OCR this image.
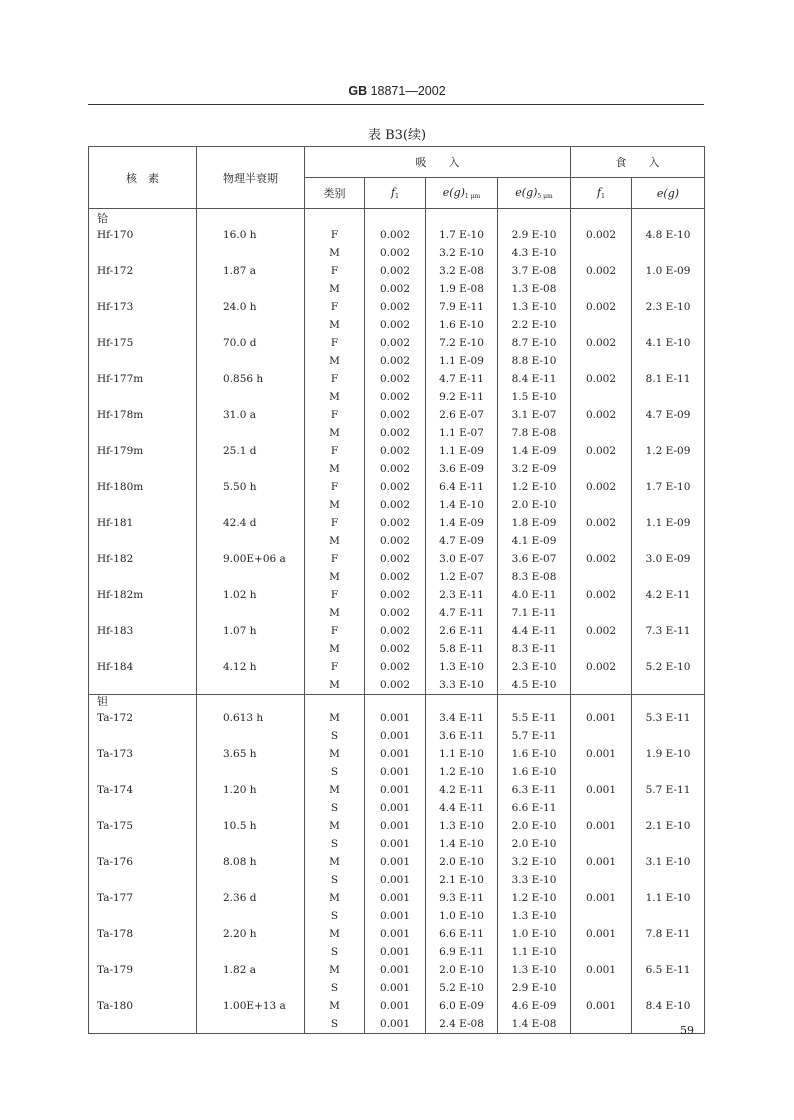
GB 18871—2002
表 B3(续)
核　素	物理半衰期	吸　　入				食　　入	
		类别	$f_1$	$e(g)_{1 \mu m}$	$e(g)_{5 \mu m}$	$f_1$	e(g)
铪							
Hf-170	16.0 h	F	0.002	1.7 E-10	2.9 E-10	0.002	4.8 E-10
		M	0.002	3.2 E-10	4.3 E-10		
Hf-172	1.87 a	F	0.002	3.2 E-08	3.7 E-08	0.002	1.0 E-09
		M	0.002	1.9 E-08	1.3 E-08		
Hf-173	24.0 h	F	0.002	7.9 E-11	1.3 E-10	0.002	2.3 E-10
		M	0.002	1.6 E-10	2.2 E-10		
Hf-175	70.0 d	F	0.002	7.2 E-10	8.7 E-10	0.002	4.1 E-10
		M	0.002	1.1 E-09	8.8 E-10		
Hf-177m	0.856 h	F	0.002	4.7 E-11	8.4 E-11	0.002	8.1 E-11
		M	0.002	9.2 E-11	1.5 E-10		
Hf-178m	31.0 a	F	0.002	2.6 E-07	3.1 E-07	0.002	4.7 E-09
		M	0.002	1.1 E-07	7.8 E-08		
Hf-179m	25.1 d	F	0.002	1.1 E-09	1.4 E-09	0.002	1.2 E-09
		M	0.002	3.6 E-09	3.2 E-09		
Hf-180m	5.50 h	F	0.002	6.4 E-11	1.2 E-10	0.002	1.7 E-10
		M	0.002	1.4 E-10	2.0 E-10		
Hf-181	42.4 d	F	0.002	1.4 E-09	1.8 E-09	0.002	1.1 E-09
		M	0.002	4.7 E-09	4.1 E-09		
Hf-182	9.00E+06 a	F	0.002	3.0 E-07	3.6 E-07	0.002	3.0 E-09
		M	0.002	1.2 E-07	8.3 E-08		
Hf-182m	1.02 h	F	0.002	2.3 E-11	4.0 E-11	0.002	4.2 E-11
		M	0.002	4.7 E-11	7.1 E-11		
Hf-183	1.07 h	F	0.002	2.6 E-11	4.4 E-11	0.002	7.3 E-11
		M	0.002	5.8 E-11	8.3 E-11		
Hf-184	4.12 h	F	0.002	1.3 E-10	2.3 E-10	0.002	5.2 E-10
		M	0.002	3.3 E-10	4.5 E-10		
钽							
Ta-172	0.613 h	M	0.001	3.4 E-11	5.5 E-11	0.001	5.3 E-11
		S	0.001	3.6 E-11	5.7 E-11		
Ta-173	3.65 h	M	0.001	1.1 E-10	1.6 E-10	0.001	1.9 E-10
		S	0.001	1.2 E-10	1.6 E-10		
Ta-174	1.20 h	M	0.001	4.2 E-11	6.3 E-11	0.001	5.7 E-11
		S	0.001	4.4 E-11	6.6 E-11		
Ta-175	10.5 h	M	0.001	1.3 E-10	2.0 E-10	0.001	2.1 E-10
		S	0.001	1.4 E-10	2.0 E-10		
Ta-176	8.08 h	M	0.001	2.0 E-10	3.2 E-10	0.001	3.1 E-10
		S	0.001	2.1 E-10	3.3 E-10		
Ta-177	2.36 d	M	0.001	9.3 E-11	1.2 E-10	0.001	1.1 E-10
		S	0.001	1.0 E-10	1.3 E-10		
Ta-178	2.20 h	M	0.001	6.6 E-11	1.0 E-10	0.001	7.8 E-11
		S	0.001	6.9 E-11	1.1 E-10		
Ta-179	1.82 a	M	0.001	2.0 E-10	1.3 E-10	0.001	6.5 E-11
		S	0.001	5.2 E-10	2.9 E-10		
Ta-180	1.00E+13 a	M	0.001	6.0 E-09	4.6 E-09	0.001	8.4 E-10
		S	0.001	2.4 E-08	1.4 E-08			59
